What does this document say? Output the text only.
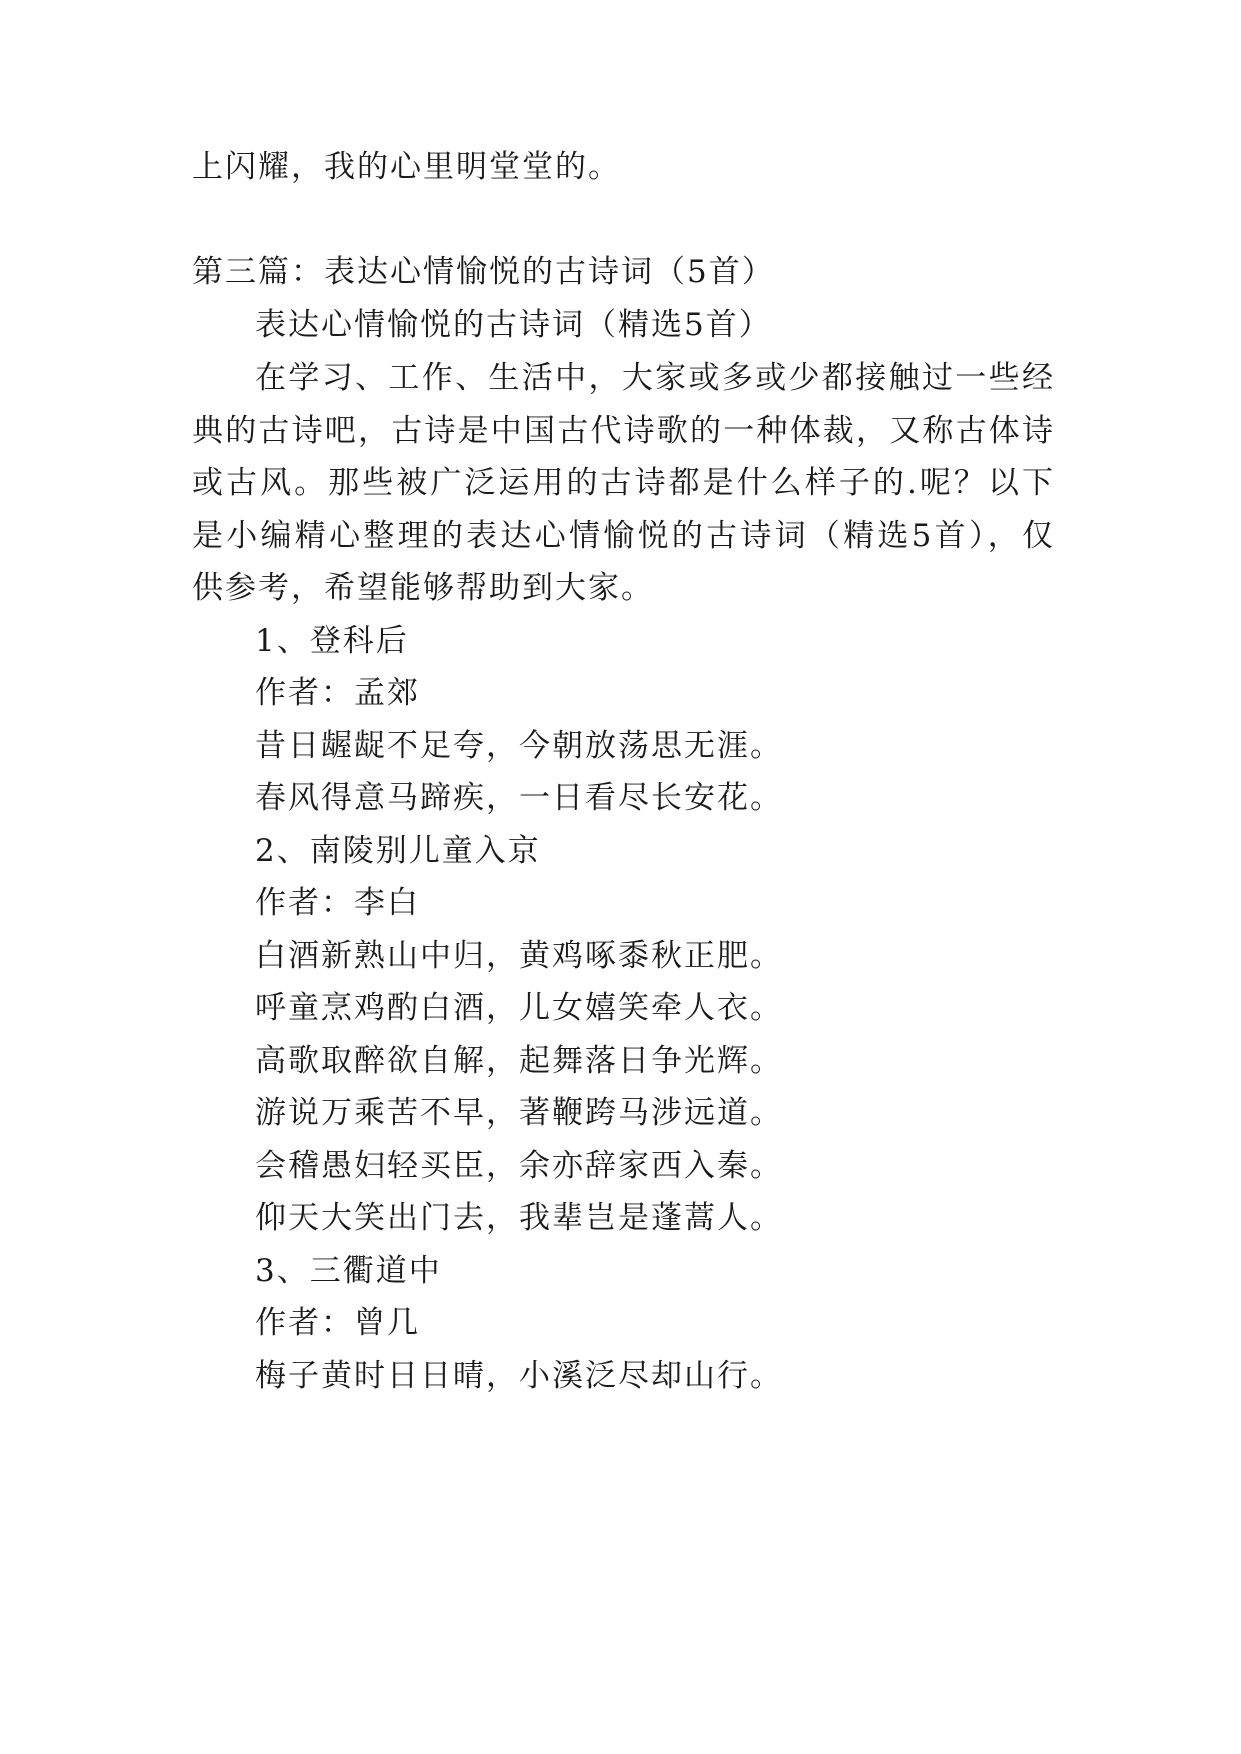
上闪耀，我的心里明堂堂的。
第三篇：表达心情愉悦的古诗词（5首）
表达心情愉悦的古诗词（精选5首）
在学习、工作、生活中，大家或多或少都接触过一些经
典的古诗吧，古诗是中国古代诗歌的一种体裁，又称古体诗
或古风。那些被广泛运用的古诗都是什么样子的.呢？以下
是小编精心整理的表达心情愉悦的古诗词（精选5首），仅
供参考，希望能够帮助到大家。
1、登科后
作者：孟郊
昔日龌龊不足夸，今朝放荡思无涯。
春风得意马蹄疾，一日看尽长安花。
2、南陵别儿童入京
作者：李白
白酒新熟山中归，黄鸡啄黍秋正肥。
呼童烹鸡酌白酒，儿女嬉笑牵人衣。
高歌取醉欲自解，起舞落日争光辉。
游说万乘苦不早，著鞭跨马涉远道。
会稽愚妇轻买臣，余亦辞家西入秦。
仰天大笑出门去，我辈岂是蓬蒿人。
3、三衢道中
作者：曾几
梅子黄时日日晴，小溪泛尽却山行。
